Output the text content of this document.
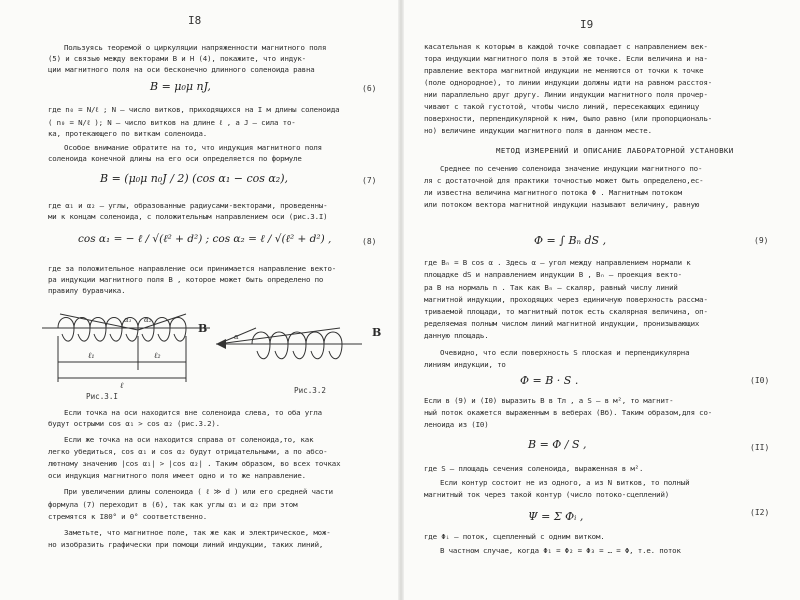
I8
Пользуясь теоремой о циркуляции напряженности магнитного поля
(5) и связью между векторами B и H (4), покажите, что индук-
ции магнитного поля на оси бесконечно длинного соленоида равна
B = μ₀μ nJ,	(6)
где n₀ = N/ℓ ; N – число витков, приходящихся на I м длины соленоида
( n₀ = N/ℓ ); N – число витков на длине ℓ , а J – сила то-
ка, протекающего по виткам соленоида.
Особое внимание обратите на то, что индукция магнитного поля
соленоида конечной длины на его оси определяется по формуле
B = (μ₀μ n₀J / 2) (cos α₁ − cos α₂),	(7)
где α₁ и α₂ – углы, образованные радиусами-векторами, проведенны-
ми к концам соленоида, с положительным направлением оси (рис.3.I)
cos α₁ = − ℓ / √(ℓ² + d²) ; cos α₂ = ℓ / √(ℓ² + d²) ,	(8)
где за положительное направление оси принимается направление векто-
ра индукции магнитного поля B , которое может быть определено по
правилу буравчика.
ℓ₁	ℓ₂
ℓ
α₁ α₂
B
α	B
Рис.3.I
Рис.3.2
Если точка на оси находится вне соленоида слева, то оба угла
будут острыми cos α₁ > cos α₂ (рис.3.2).
Если же точка на оси находится справа от соленоида,то, как
легко убедиться, cos α₁ и cos α₂ будут отрицательными, а по абсо-
лютному значению |cos α₁| > |cos α₂| . Таким образом, во всех точках
оси индукция магнитного поля имеет одно и то же направление.
При увеличении длины соленоида ( ℓ ≫ d ) или его средней части
формула (7) переходит в (6), так как углы α₁ и α₂ при этом
стремятся к I80° и 0° соответственно.
Заметьте, что магнитное поле, так же как и электрическое, мож-
но изобразить графически при помощи линий индукции, таких линий,
I9
касательная к которым в каждой точке совпадает с направлением век-
тора индукции магнитного поля в этой же точке. Если величина и на-
правление вектора магнитной индукции не меняются от точки к точке
(поле однородное), то линии индукции должны идти на равном расстоя-
нии параллельно друг другу. Линии индукции магнитного поля прочер-
чивают с такой густотой, чтобы число линий, пересекающих единицу
поверхности, перпендикулярной к ним, было равно (или пропорциональ-
но) величине индукции магнитного поля в данном месте.
МЕТОД ИЗМЕРЕНИЙ И ОПИСАНИЕ ЛАБОРАТОРНОЙ УСТАНОВКИ
Среднее по сечению соленоида значение индукции магнитного по-
ля с достаточной для практики точностью может быть определено,ес-
ли известна величина магнитного потока Φ . Магнитным потоком
или потоком вектора магнитной индукции называют величину, равную
Φ = ∫ Bₙ dS ,	(9)
где Bₙ = B cos α . Здесь α – угол между направлением нормали к
площадке dS и направлением индукции B , Bₙ – проекция векто-
ра B на нормаль n . Так как Bₙ – скаляр, равный числу линий
магнитной индукции, проходящих через единичную поверхность рассма-
триваемой площади, то магнитный поток есть скалярная величина, оп-
ределяемая полным числом линий магнитной индукции, пронизывающих
данную площадь.
Очевидно, что если поверхность S плоская и перпендикулярна
линиям индукции, то
Φ = B · S .	(I0)
Если в (9) и (I0) выразить B в Тл , а S – в м², то магнит-
ный поток окажется выраженным в веберах (Вб). Таким образом,для со-
леноида из (I0)
B = Φ / S ,	(II)
где S – площадь сечения соленоида, выраженная в м².
Если контур состоит не из одного, а из N витков, то полный
магнитный ток через такой контур (число потоко-сцеплений)
Ψ = Σ Φᵢ ,	(I2)
где Φᵢ – поток, сцепленный с одним витком.
В частном случае, когда Φ₁ = Φ₂ = Φ₃ = … = Φ, т.е. поток
